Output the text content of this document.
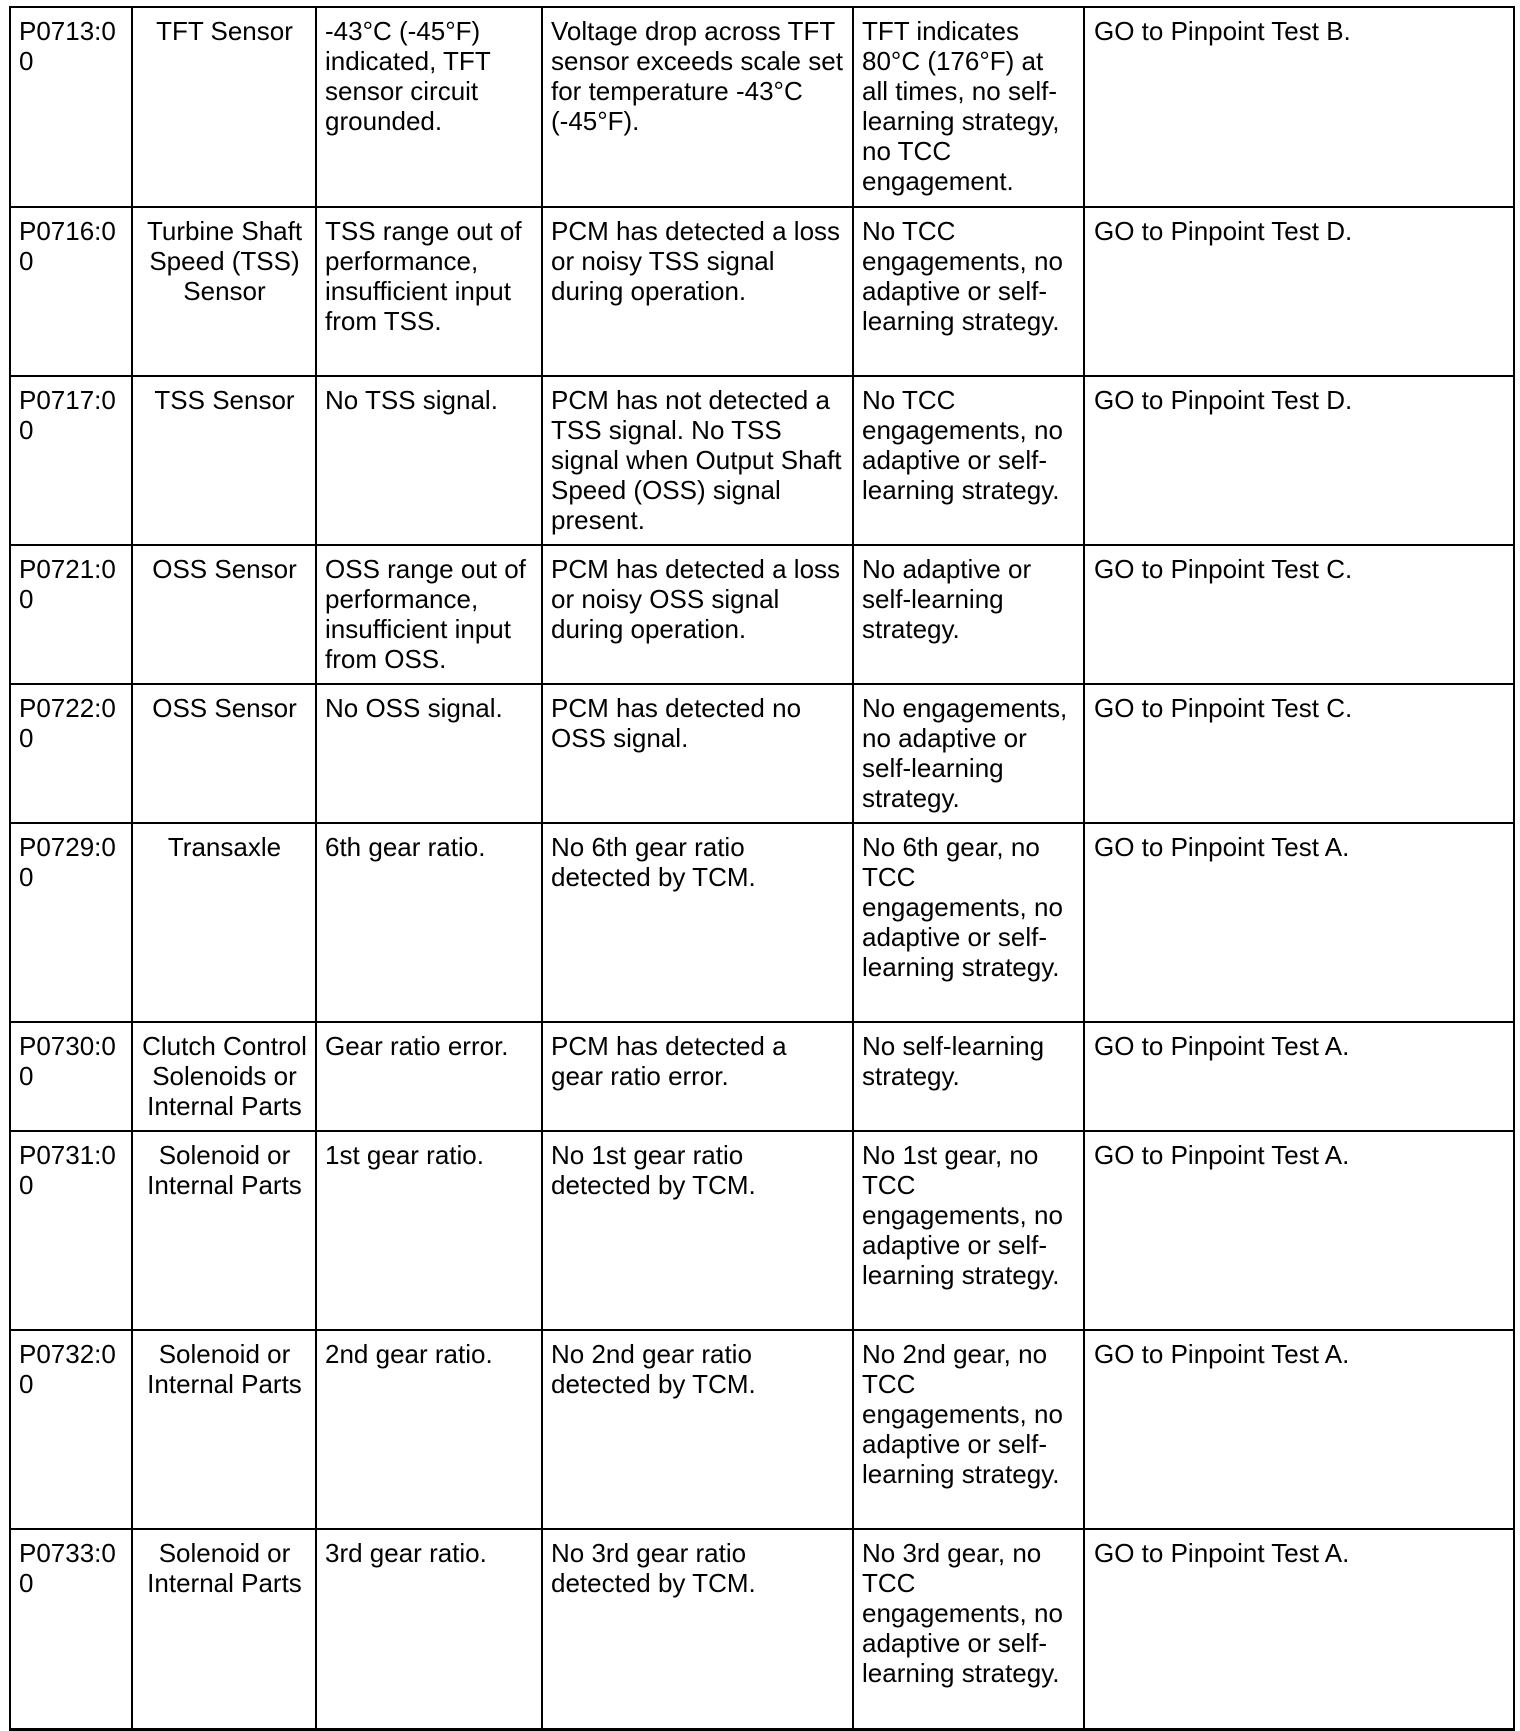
P0713:00	TFT Sensor	-43°C (-45°F) indicated, TFT sensor circuit grounded.	Voltage drop across TFT sensor exceeds scale set for temperature -43°C (-45°F).	TFT indicates 80°C (176°F) at all times, no self-learning strategy, no TCC engagement.	GO to Pinpoint Test B.
P0716:00	Turbine Shaft Speed (TSS) Sensor	TSS range out of performance, insufficient input from TSS.	PCM has detected a loss or noisy TSS signal during operation.	No TCC engagements, no adaptive or self-learning strategy.	GO to Pinpoint Test D.
P0717:00	TSS Sensor	No TSS signal.	PCM has not detected a TSS signal. No TSS signal when Output Shaft Speed (OSS) signal present.	No TCC engagements, no adaptive or self-learning strategy.	GO to Pinpoint Test D.
P0721:00	OSS Sensor	OSS range out of performance, insufficient input from OSS.	PCM has detected a loss or noisy OSS signal during operation.	No adaptive or self-learning strategy.	GO to Pinpoint Test C.
P0722:00	OSS Sensor	No OSS signal.	PCM has detected no OSS signal.	No engagements, no adaptive or self-learning strategy.	GO to Pinpoint Test C.
P0729:00	Transaxle	6th gear ratio.	No 6th gear ratio detected by TCM.	No 6th gear, no TCC engagements, no adaptive or self-learning strategy.	GO to Pinpoint Test A.
P0730:00	Clutch Control Solenoids or Internal Parts	Gear ratio error.	PCM has detected a gear ratio error.	No self-learning strategy.	GO to Pinpoint Test A.
P0731:00	Solenoid or Internal Parts	1st gear ratio.	No 1st gear ratio detected by TCM.	No 1st gear, no TCC engagements, no adaptive or self-learning strategy.	GO to Pinpoint Test A.
P0732:00	Solenoid or Internal Parts	2nd gear ratio.	No 2nd gear ratio detected by TCM.	No 2nd gear, no TCC engagements, no adaptive or self-learning strategy.	GO to Pinpoint Test A.
P0733:00	Solenoid or Internal Parts	3rd gear ratio.	No 3rd gear ratio detected by TCM.	No 3rd gear, no TCC engagements, no adaptive or self-learning strategy.	GO to Pinpoint Test A.
